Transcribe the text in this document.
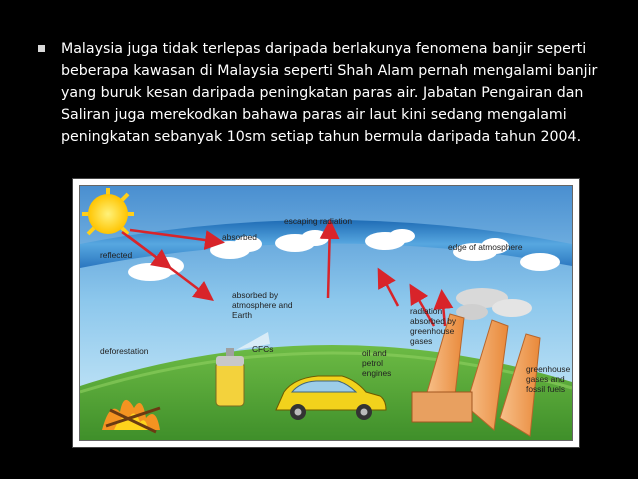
Malaysia juga tidak terlepas daripada berlakunya fenomena banjir seperti beberapa kawasan di Malaysia seperti Shah Alam pernah mengalami banjir yang buruk kesan daripada peningkatan paras air. Jabatan Pengairan dan Saliran juga merekodkan bahawa paras air laut kini sedang mengalami peningkatan sebanyak 10sm setiap tahun bermula daripada tahun 2004.
reflected
absorbed
escaping radiation
edge of atmosphere
absorbed by
atmosphere and
Earth	radiation
absorbed by
greenhouse
gases
deforestation	CFCs	oil and
petrol
engines	greenhouse
gases and
fossil fuels
